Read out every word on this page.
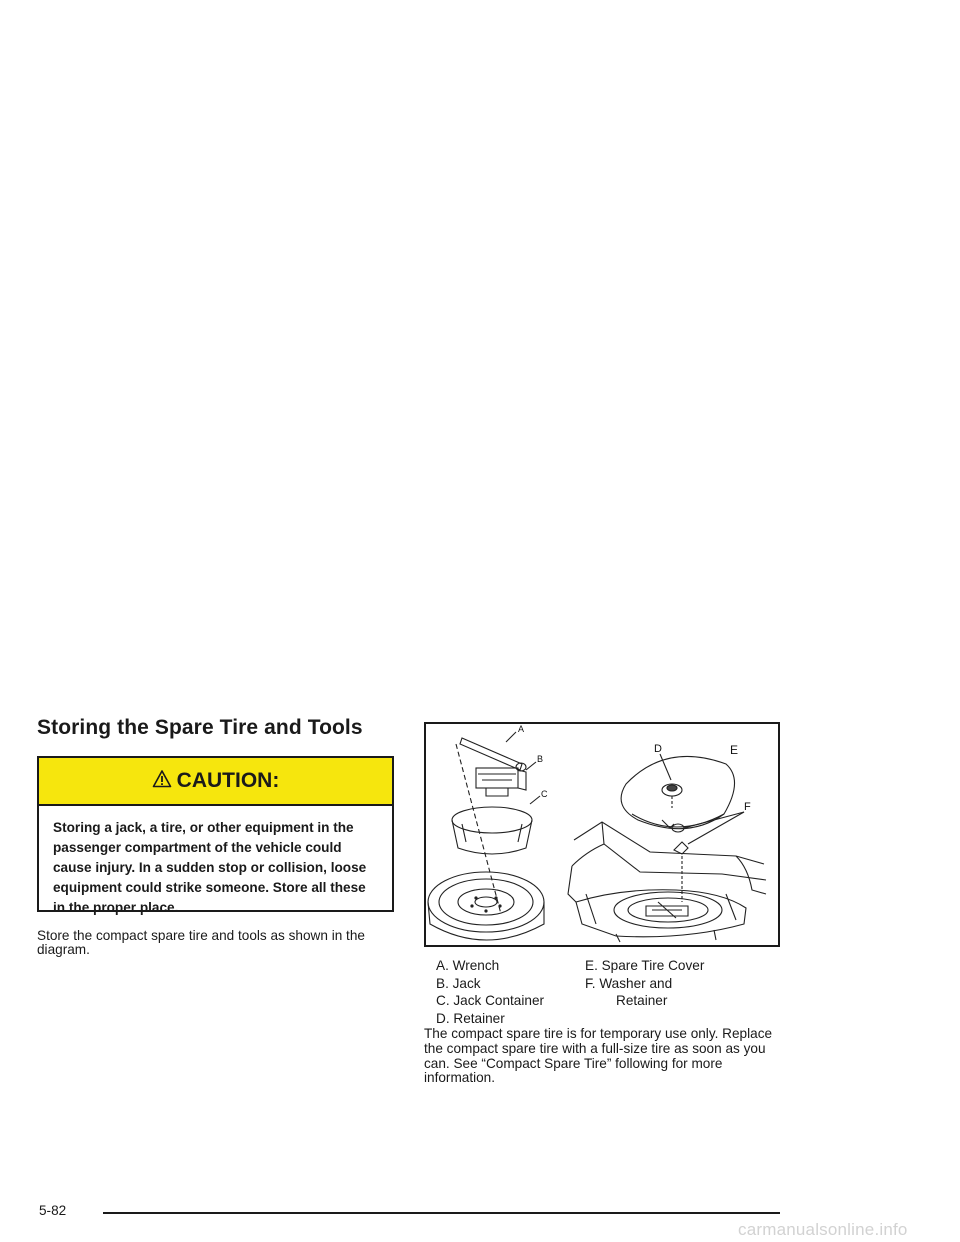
Storing the Spare Tire and Tools
CAUTION:
Storing a jack, a tire, or other equipment in the passenger compartment of the vehicle could cause injury. In a sudden stop or collision, loose equipment could strike someone. Store all these in the proper place.

Store the compact spare tire and tools as shown in the diagram.

A
B
C
D	E
F
A. Wrench
B. Jack
C. Jack Container
D. Retainer
E. Spare Tire Cover
F. Washer and
Retainer

The compact spare tire is for temporary use only. Replace the compact spare tire with a full-size tire as soon as you can. See “Compact Spare Tire” following for more information.

5-82
carmanualsonline.info
